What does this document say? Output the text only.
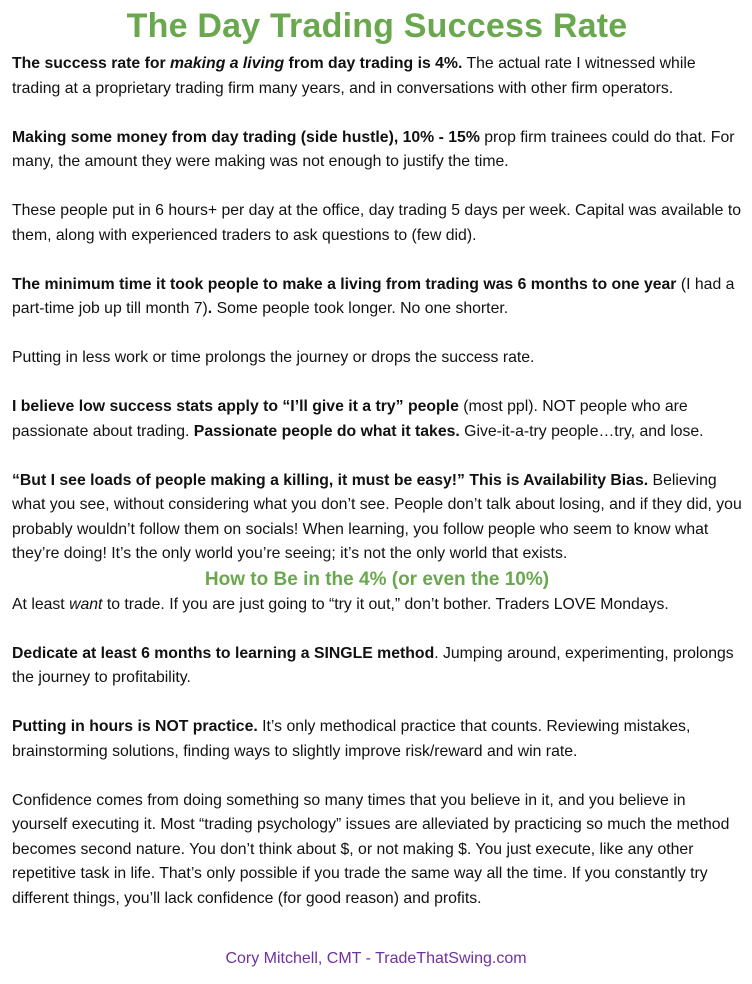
The Day Trading Success Rate

The success rate for making a living from day trading is 4%. The actual rate I witnessed while trading at a proprietary trading firm many years, and in conversations with other firm operators.

Making some money from day trading (side hustle), 10% - 15% prop firm trainees could do that. For many, the amount they were making was not enough to justify the time.

These people put in 6 hours+ per day at the office, day trading 5 days per week. Capital was available to them, along with experienced traders to ask questions to (few did).

The minimum time it took people to make a living from trading was 6 months to one year (I had a part-time job up till month 7). Some people took longer. No one shorter.

Putting in less work or time prolongs the journey or drops the success rate.

I believe low success stats apply to “I’ll give it a try” people (most ppl). NOT people who are passionate about trading. Passionate people do what it takes. Give-it-a-try people…try, and lose.

“But I see loads of people making a killing, it must be easy!” This is Availability Bias. Believing what you see, without considering what you don’t see. People don’t talk about losing, and if they did, you probably wouldn’t follow them on socials! When learning, you follow people who seem to know what they’re doing! It’s the only world you’re seeing; it’s not the only world that exists.

How to Be in the 4% (or even the 10%)

At least want to trade. If you are just going to “try it out,” don’t bother. Traders LOVE Mondays.

Dedicate at least 6 months to learning a SINGLE method. Jumping around, experimenting, prolongs the journey to profitability.

Putting in hours is NOT practice. It’s only methodical practice that counts. Reviewing mistakes, brainstorming solutions, finding ways to slightly improve risk/reward and win rate.

Confidence comes from doing something so many times that you believe in it, and you believe in yourself executing it. Most “trading psychology” issues are alleviated by practicing so much the method becomes second nature. You don’t think about $, or not making $. You just execute, like any other repetitive task in life. That’s only possible if you trade the same way all the time. If you constantly try different things, you’ll lack confidence (for good reason) and profits.

Cory Mitchell, CMT - TradeThatSwing.com
